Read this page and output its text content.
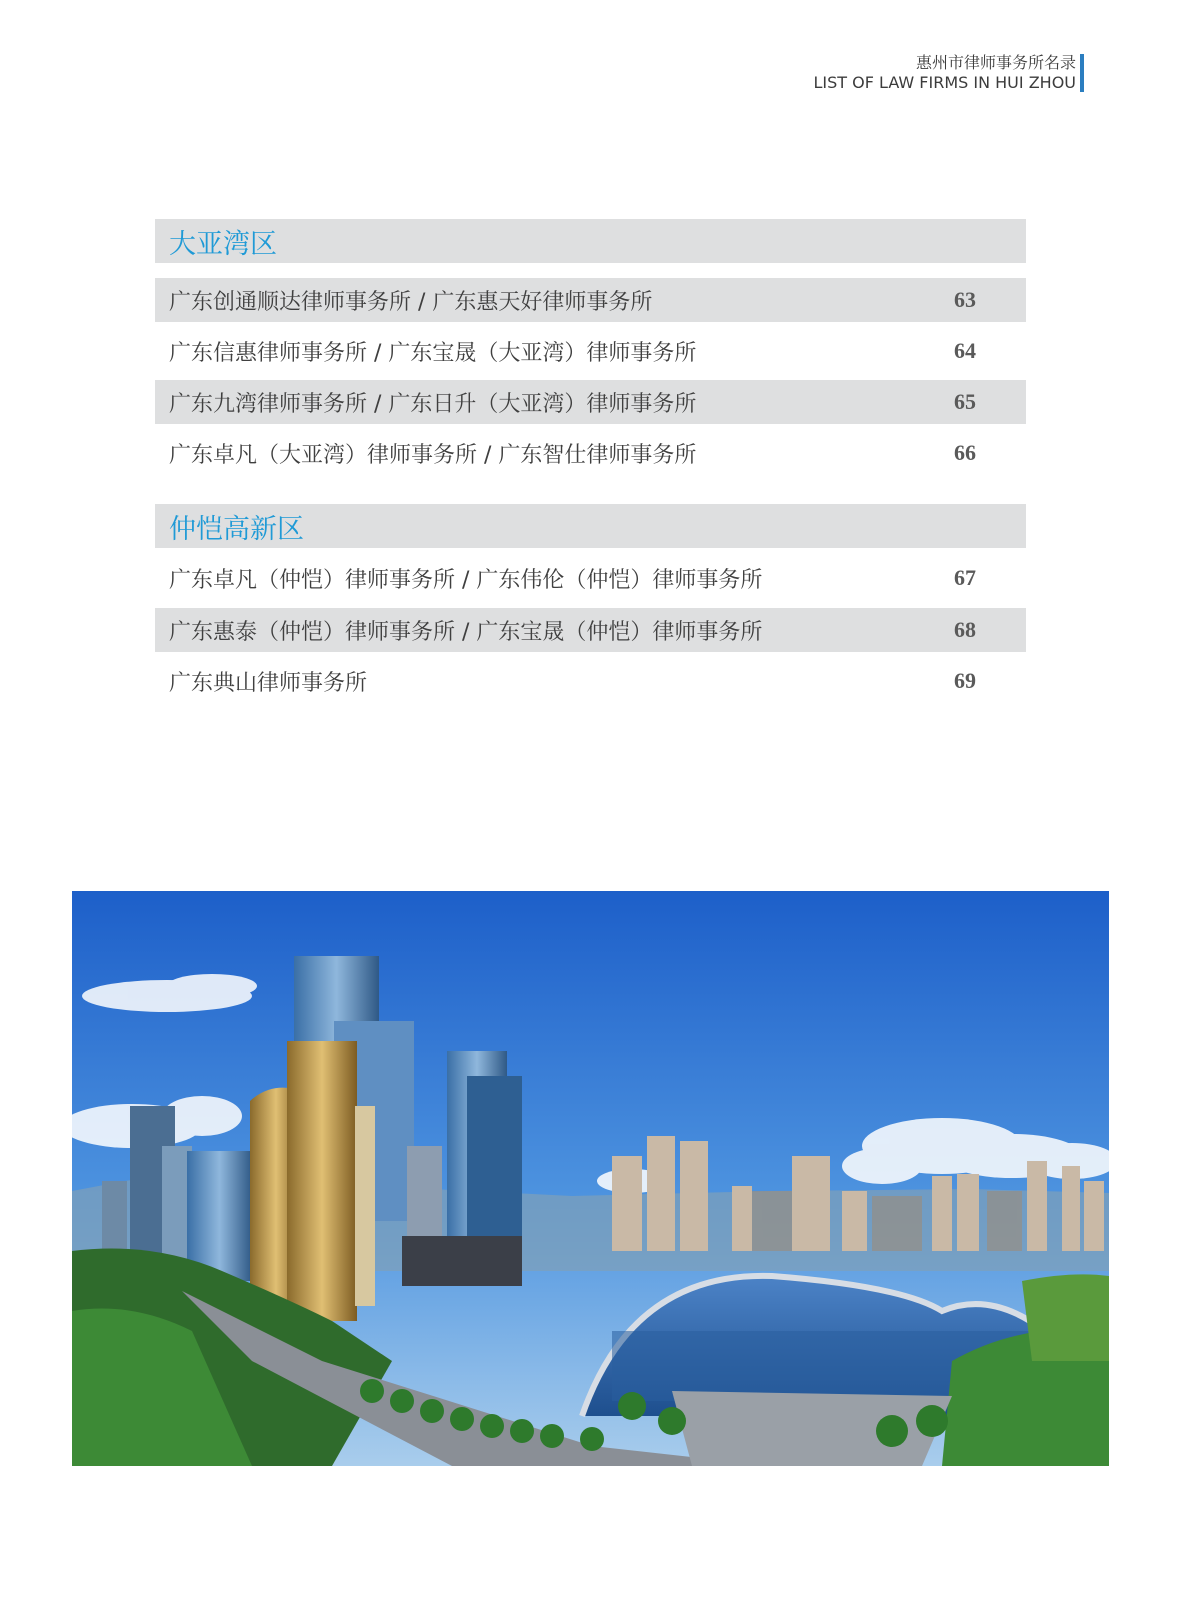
惠州市律师事务所名录
LIST OF LAW FIRMS IN HUI ZHOU
大亚湾区
广东创通顺达律师事务所 / 广东惠天好律师事务所	63
广东信惠律师事务所 / 广东宝晟（大亚湾）律师事务所	64
广东九湾律师事务所 / 广东日升（大亚湾）律师事务所	65
广东卓凡（大亚湾）律师事务所 / 广东智仕律师事务所	66
仲恺高新区
广东卓凡（仲恺）律师事务所 / 广东伟伦（仲恺）律师事务所	67
广东惠泰（仲恺）律师事务所 / 广东宝晟（仲恺）律师事务所	68
广东典山律师事务所	69
